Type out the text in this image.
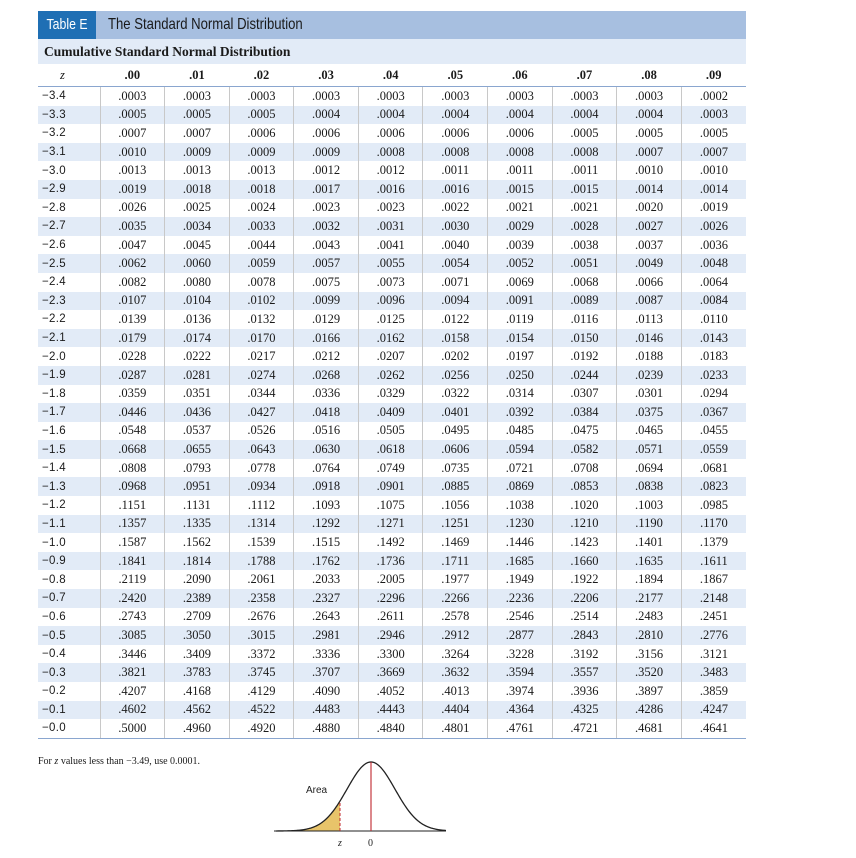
Table E	The Standard Normal Distribution
Cumulative Standard Normal Distribution
z	.00	.01	.02	.03	.04	.05	.06	.07	.08	.09
−3.4	.0003	.0003	.0003	.0003	.0003	.0003	.0003	.0003	.0003	.0002
−3.3	.0005	.0005	.0005	.0004	.0004	.0004	.0004	.0004	.0004	.0003
−3.2	.0007	.0007	.0006	.0006	.0006	.0006	.0006	.0005	.0005	.0005
−3.1	.0010	.0009	.0009	.0009	.0008	.0008	.0008	.0008	.0007	.0007
−3.0	.0013	.0013	.0013	.0012	.0012	.0011	.0011	.0011	.0010	.0010
−2.9	.0019	.0018	.0018	.0017	.0016	.0016	.0015	.0015	.0014	.0014
−2.8	.0026	.0025	.0024	.0023	.0023	.0022	.0021	.0021	.0020	.0019
−2.7	.0035	.0034	.0033	.0032	.0031	.0030	.0029	.0028	.0027	.0026
−2.6	.0047	.0045	.0044	.0043	.0041	.0040	.0039	.0038	.0037	.0036
−2.5	.0062	.0060	.0059	.0057	.0055	.0054	.0052	.0051	.0049	.0048
−2.4	.0082	.0080	.0078	.0075	.0073	.0071	.0069	.0068	.0066	.0064
−2.3	.0107	.0104	.0102	.0099	.0096	.0094	.0091	.0089	.0087	.0084
−2.2	.0139	.0136	.0132	.0129	.0125	.0122	.0119	.0116	.0113	.0110
−2.1	.0179	.0174	.0170	.0166	.0162	.0158	.0154	.0150	.0146	.0143
−2.0	.0228	.0222	.0217	.0212	.0207	.0202	.0197	.0192	.0188	.0183
−1.9	.0287	.0281	.0274	.0268	.0262	.0256	.0250	.0244	.0239	.0233
−1.8	.0359	.0351	.0344	.0336	.0329	.0322	.0314	.0307	.0301	.0294
−1.7	.0446	.0436	.0427	.0418	.0409	.0401	.0392	.0384	.0375	.0367
−1.6	.0548	.0537	.0526	.0516	.0505	.0495	.0485	.0475	.0465	.0455
−1.5	.0668	.0655	.0643	.0630	.0618	.0606	.0594	.0582	.0571	.0559
−1.4	.0808	.0793	.0778	.0764	.0749	.0735	.0721	.0708	.0694	.0681
−1.3	.0968	.0951	.0934	.0918	.0901	.0885	.0869	.0853	.0838	.0823
−1.2	.1151	.1131	.1112	.1093	.1075	.1056	.1038	.1020	.1003	.0985
−1.1	.1357	.1335	.1314	.1292	.1271	.1251	.1230	.1210	.1190	.1170
−1.0	.1587	.1562	.1539	.1515	.1492	.1469	.1446	.1423	.1401	.1379
−0.9	.1841	.1814	.1788	.1762	.1736	.1711	.1685	.1660	.1635	.1611
−0.8	.2119	.2090	.2061	.2033	.2005	.1977	.1949	.1922	.1894	.1867
−0.7	.2420	.2389	.2358	.2327	.2296	.2266	.2236	.2206	.2177	.2148
−0.6	.2743	.2709	.2676	.2643	.2611	.2578	.2546	.2514	.2483	.2451
−0.5	.3085	.3050	.3015	.2981	.2946	.2912	.2877	.2843	.2810	.2776
−0.4	.3446	.3409	.3372	.3336	.3300	.3264	.3228	.3192	.3156	.3121
−0.3	.3821	.3783	.3745	.3707	.3669	.3632	.3594	.3557	.3520	.3483
−0.2	.4207	.4168	.4129	.4090	.4052	.4013	.3974	.3936	.3897	.3859
−0.1	.4602	.4562	.4522	.4483	.4443	.4404	.4364	.4325	.4286	.4247
−0.0	.5000	.4960	.4920	.4880	.4840	.4801	.4761	.4721	.4681	.4641
For z values less than −3.49, use 0.0001.
Area
z	0
